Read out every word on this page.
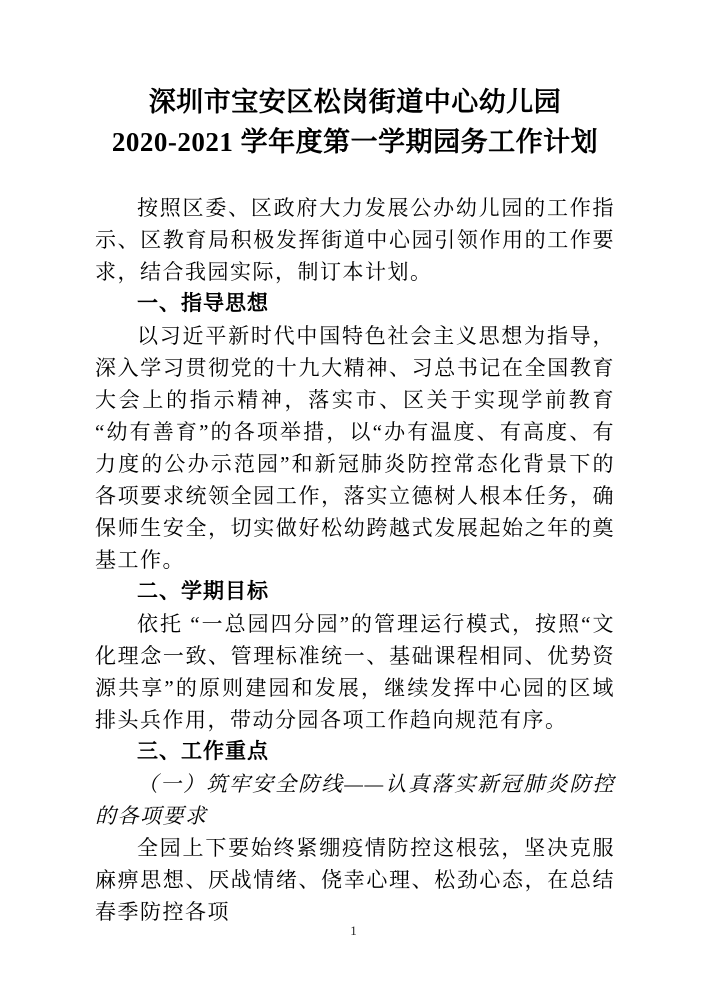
深圳市宝安区松岗街道中心幼儿园
2020-2021 学年度第一学期园务工作计划

按照区委、区政府大力发展公办幼儿园的工作指示、区教育局积极发挥街道中心园引领作用的工作要求，结合我园实际，制订本计划。

一、指导思想

以习近平新时代中国特色社会主义思想为指导，深入学习贯彻党的十九大精神、习总书记在全国教育大会上的指示精神，落实市、区关于实现学前教育“幼有善育”的各项举措，以“办有温度、有高度、有力度的公办示范园”和新冠肺炎防控常态化背景下的各项要求统领全园工作，落实立德树人根本任务，确保师生安全，切实做好松幼跨越式发展起始之年的奠基工作。

二、学期目标

依托 “一总园四分园”的管理运行模式，按照“文化理念一致、管理标准统一、基础课程相同、优势资源共享”的原则建园和发展，继续发挥中心园的区域排头兵作用，带动分园各项工作趋向规范有序。

三、工作重点

（一）筑牢安全防线——认真落实新冠肺炎防控的各项要求

全园上下要始终紧绷疫情防控这根弦，坚决克服麻痹思想、厌战情绪、侥幸心理、松劲心态，在总结春季防控各项

1
